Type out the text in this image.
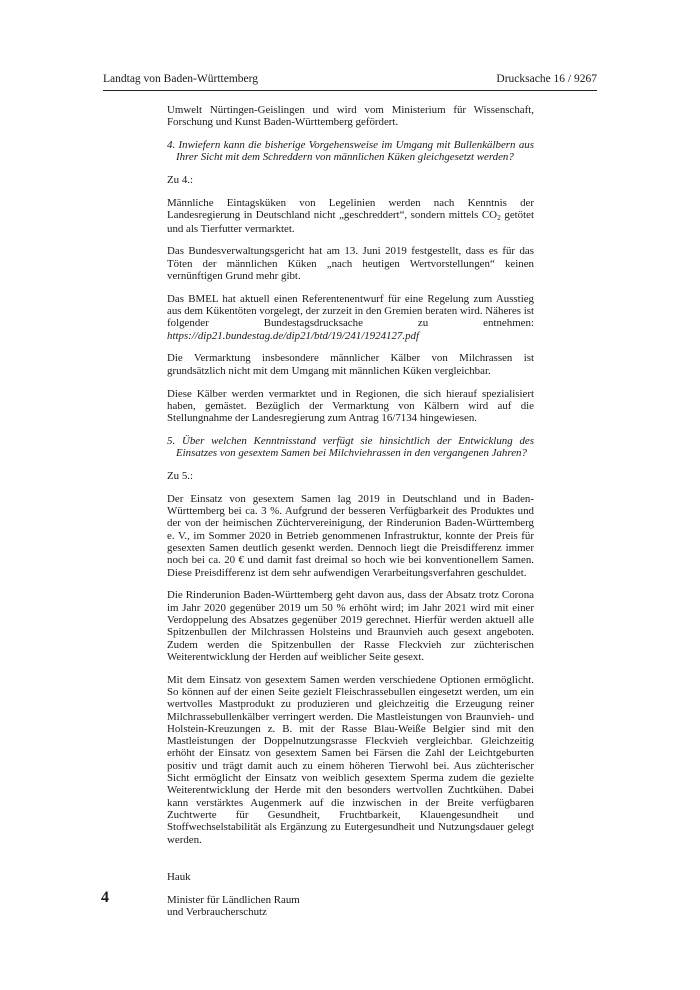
Landtag von Baden-Württemberg	Drucksache 16 / 9267

Umwelt Nürtingen-Geislingen und wird vom Ministerium für Wissenschaft, Forschung und Kunst Baden-Württemberg gefördert.

4. Inwiefern kann die bisherige Vorgehensweise im Umgang mit Bullenkälbern aus Ihrer Sicht mit dem Schreddern von männlichen Küken gleichgesetzt werden?

Zu 4.:

Männliche Eintagsküken von Legelinien werden nach Kenntnis der Landesregierung in Deutschland nicht „geschreddert“, sondern mittels CO2 getötet und als Tierfutter vermarktet.

Das Bundesverwaltungsgericht hat am 13. Juni 2019 festgestellt, dass es für das Töten der männlichen Küken „nach heutigen Wertvorstellungen“ keinen vernünftigen Grund mehr gibt.

Das BMEL hat aktuell einen Referentenentwurf für eine Regelung zum Ausstieg aus dem Kükentöten vorgelegt, der zurzeit in den Gremien beraten wird. Näheres ist folgender Bundestagsdrucksache zu entnehmen: https://dip21.bundestag.de/dip21/btd/19/241/1924127.pdf

Die Vermarktung insbesondere männlicher Kälber von Milchrassen ist grundsätzlich nicht mit dem Umgang mit männlichen Küken vergleichbar.

Diese Kälber werden vermarktet und in Regionen, die sich hierauf spezialisiert haben, gemästet. Bezüglich der Vermarktung von Kälbern wird auf die Stellungnahme der Landesregierung zum Antrag 16/7134 hingewiesen.

5. Über welchen Kenntnisstand verfügt sie hinsichtlich der Entwicklung des Einsatzes von gesextem Samen bei Milchviehrassen in den vergangenen Jahren?

Zu 5.:

Der Einsatz von gesextem Samen lag 2019 in Deutschland und in Baden-Württemberg bei ca. 3 %. Aufgrund der besseren Verfügbarkeit des Produktes und der von der heimischen Züchtervereinigung, der Rinderunion Baden-Württemberg e. V., im Sommer 2020 in Betrieb genommenen Infrastruktur, konnte der Preis für gesexten Samen deutlich gesenkt werden. Dennoch liegt die Preisdifferenz immer noch bei ca. 20 € und damit fast dreimal so hoch wie bei konventionellem Samen. Diese Preisdifferenz ist dem sehr aufwendigen Verarbeitungsverfahren geschuldet.

Die Rinderunion Baden-Württemberg geht davon aus, dass der Absatz trotz Corona im Jahr 2020 gegenüber 2019 um 50 % erhöht wird; im Jahr 2021 wird mit einer Verdoppelung des Absatzes gegenüber 2019 gerechnet. Hierfür werden aktuell alle Spitzenbullen der Milchrassen Holsteins und Braunvieh auch gesext angeboten. Zudem werden die Spitzenbullen der Rasse Fleckvieh zur züchterischen Weiterentwicklung der Herden auf weiblicher Seite gesext.

Mit dem Einsatz von gesextem Samen werden verschiedene Optionen ermöglicht. So können auf der einen Seite gezielt Fleischrassebullen eingesetzt werden, um ein wertvolles Mastprodukt zu produzieren und gleichzeitig die Erzeugung reiner Milchrassebullenkälber verringert werden. Die Mastleistungen von Braunvieh- und Holstein-Kreuzungen z. B. mit der Rasse Blau-Weiße Belgier sind mit den Mastleistungen der Doppelnutzungsrasse Fleckvieh vergleichbar. Gleichzeitig erhöht der Einsatz von gesextem Samen bei Färsen die Zahl der Leichtgeburten positiv und trägt damit auch zu einem höheren Tierwohl bei. Aus züchterischer Sicht ermöglicht der Einsatz von weiblich gesextem Sperma zudem die gezielte Weiterentwicklung der Herde mit den besonders wertvollen Zuchtkühen. Dabei kann verstärktes Augenmerk auf die inzwischen in der Breite verfügbaren Zuchtwerte für Gesundheit, Fruchtbarkeit, Klauengesundheit und Stoffwechselstabilität als Ergänzung zu Eutergesundheit und Nutzungsdauer gelegt werden.

Hauk

Minister für Ländlichen Raum

und Verbraucherschutz

4
